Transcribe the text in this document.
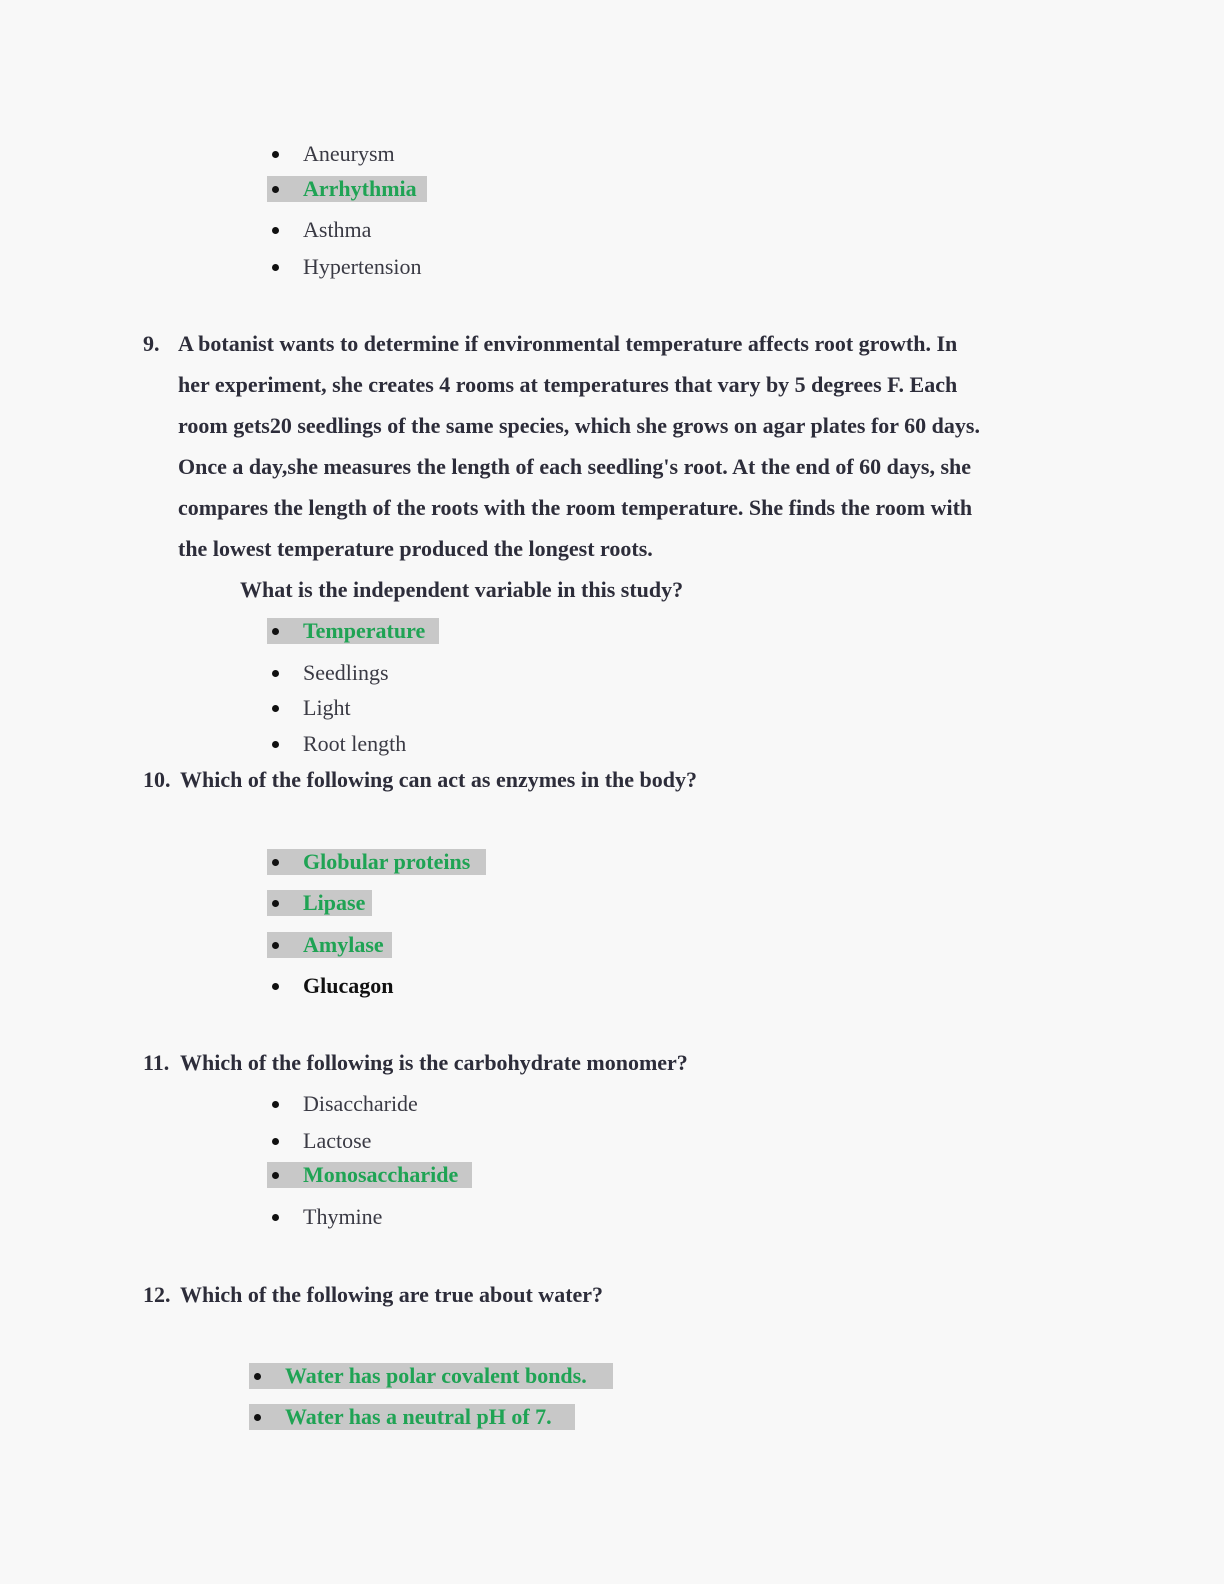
Aneurysm
Arrhythmia
Asthma
Hypertension
9. A botanist wants to determine if environmental temperature affects root growth. In
her experiment, she creates 4 rooms at temperatures that vary by 5 degrees F. Each
room gets20 seedlings of the same species, which she grows on agar plates for 60 days.
Once a day,she measures the length of each seedling's root. At the end of 60 days, she
compares the length of the roots with the room temperature. She finds the room with
the lowest temperature produced the longest roots.
What is the independent variable in this study?
Temperature
Seedlings
Light
Root length
10. Which of the following can act as enzymes in the body?
Globular proteins
Lipase
Amylase
Glucagon
11. Which of the following is the carbohydrate monomer?
Disaccharide
Lactose
Monosaccharide
Thymine
12. Which of the following are true about water?
Water has polar covalent bonds.
Water has a neutral pH of 7.
